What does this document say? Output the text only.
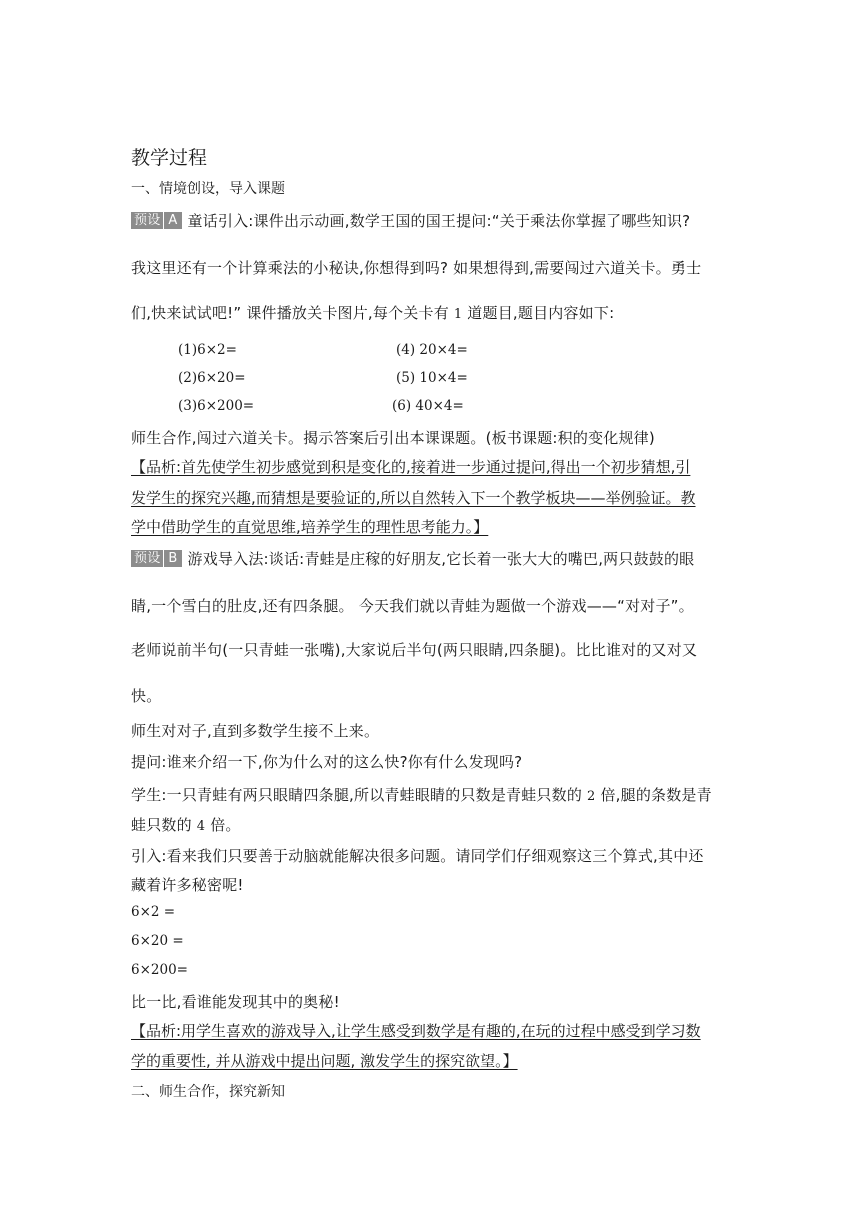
教学过程
一、情境创设，导入课题
预设 A 童话引入:课件出示动画,数学王国的国王提问:“关于乘法你掌握了哪些知识?
我这里还有一个计算乘法的小秘诀,你想得到吗? 如果想得到,需要闯过六道关卡。勇士
们,快来试试吧!” 课件播放关卡图片,每个关卡有 1 道题目,题目内容如下:
(1)6×2=	(4) 20×4=
(2)6×20=	(5) 10×4=
(3)6×200=	(6) 40×4=
师生合作,闯过六道关卡。揭示答案后引出本课课题。(板书课题:积的变化规律)
【品析:首先使学生初步感觉到积是变化的,接着进一步通过提问,得出一个初步猜想,引
发学生的探究兴趣,而猜想是要验证的,所以自然转入下一个教学板块——举例验证。教
学中借助学生的直觉思维,培养学生的理性思考能力。】
预设 B 游戏导入法:谈话:青蛙是庄稼的好朋友,它长着一张大大的嘴巴,两只鼓鼓的眼
睛,一个雪白的肚皮,还有四条腿。 今天我们就以青蛙为题做一个游戏——“对对子”。
老师说前半句(一只青蛙一张嘴),大家说后半句(两只眼睛,四条腿)。比比谁对的又对又
快。
师生对对子,直到多数学生接不上来。
提问:谁来介绍一下,你为什么对的这么快?你有什么发现吗?
学生:一只青蛙有两只眼睛四条腿,所以青蛙眼睛的只数是青蛙只数的 2 倍,腿的条数是青
蛙只数的 4 倍。
引入:看来我们只要善于动脑就能解决很多问题。请同学们仔细观察这三个算式,其中还
藏着许多秘密呢!
6×2 =
6×20 =
6×200=
比一比,看谁能发现其中的奥秘!
【品析:用学生喜欢的游戏导入,让学生感受到数学是有趣的,在玩的过程中感受到学习数
学的重要性, 并从游戏中提出问题, 激发学生的探究欲望。】
二、师生合作，探究新知
